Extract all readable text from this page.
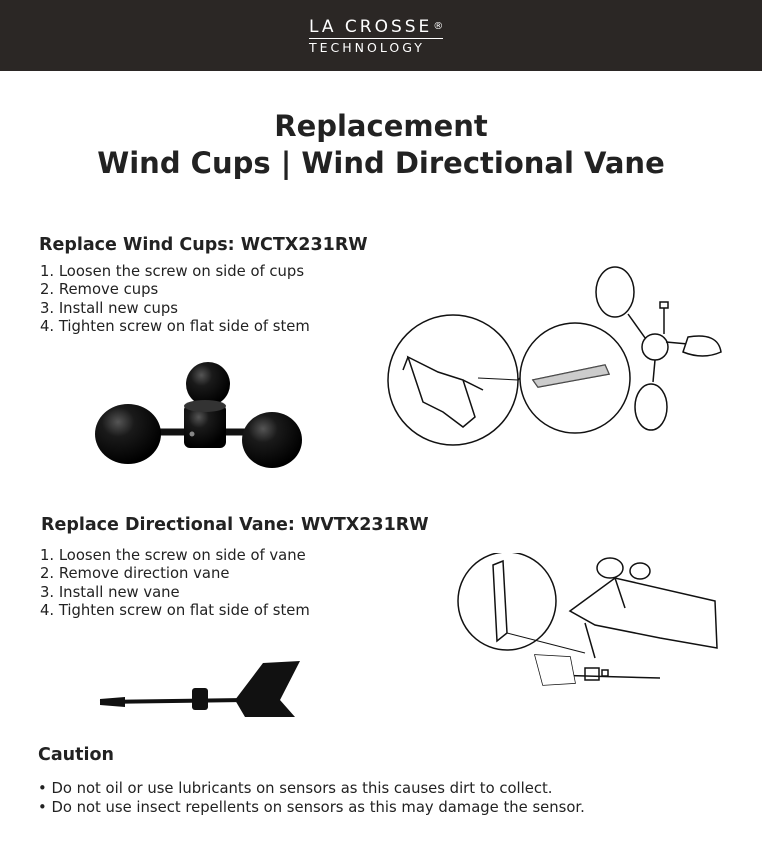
LA CROSSE®
TECHNOLOGY
Replacement
Wind Cups | Wind Directional Vane
Replace Wind Cups: WCTX231RW
1. Loosen the screw on side of cups
2. Remove cups
3. Install new cups
4. Tighten screw on flat side of stem
Replace Directional Vane: WVTX231RW
1. Loosen the screw on side of vane
2. Remove direction vane
3. Install new vane
4. Tighten screw on flat side of stem
Caution
• Do not oil or use lubricants on sensors as this causes dirt to collect.
• Do not use insect repellents on sensors as this may damage the sensor.
